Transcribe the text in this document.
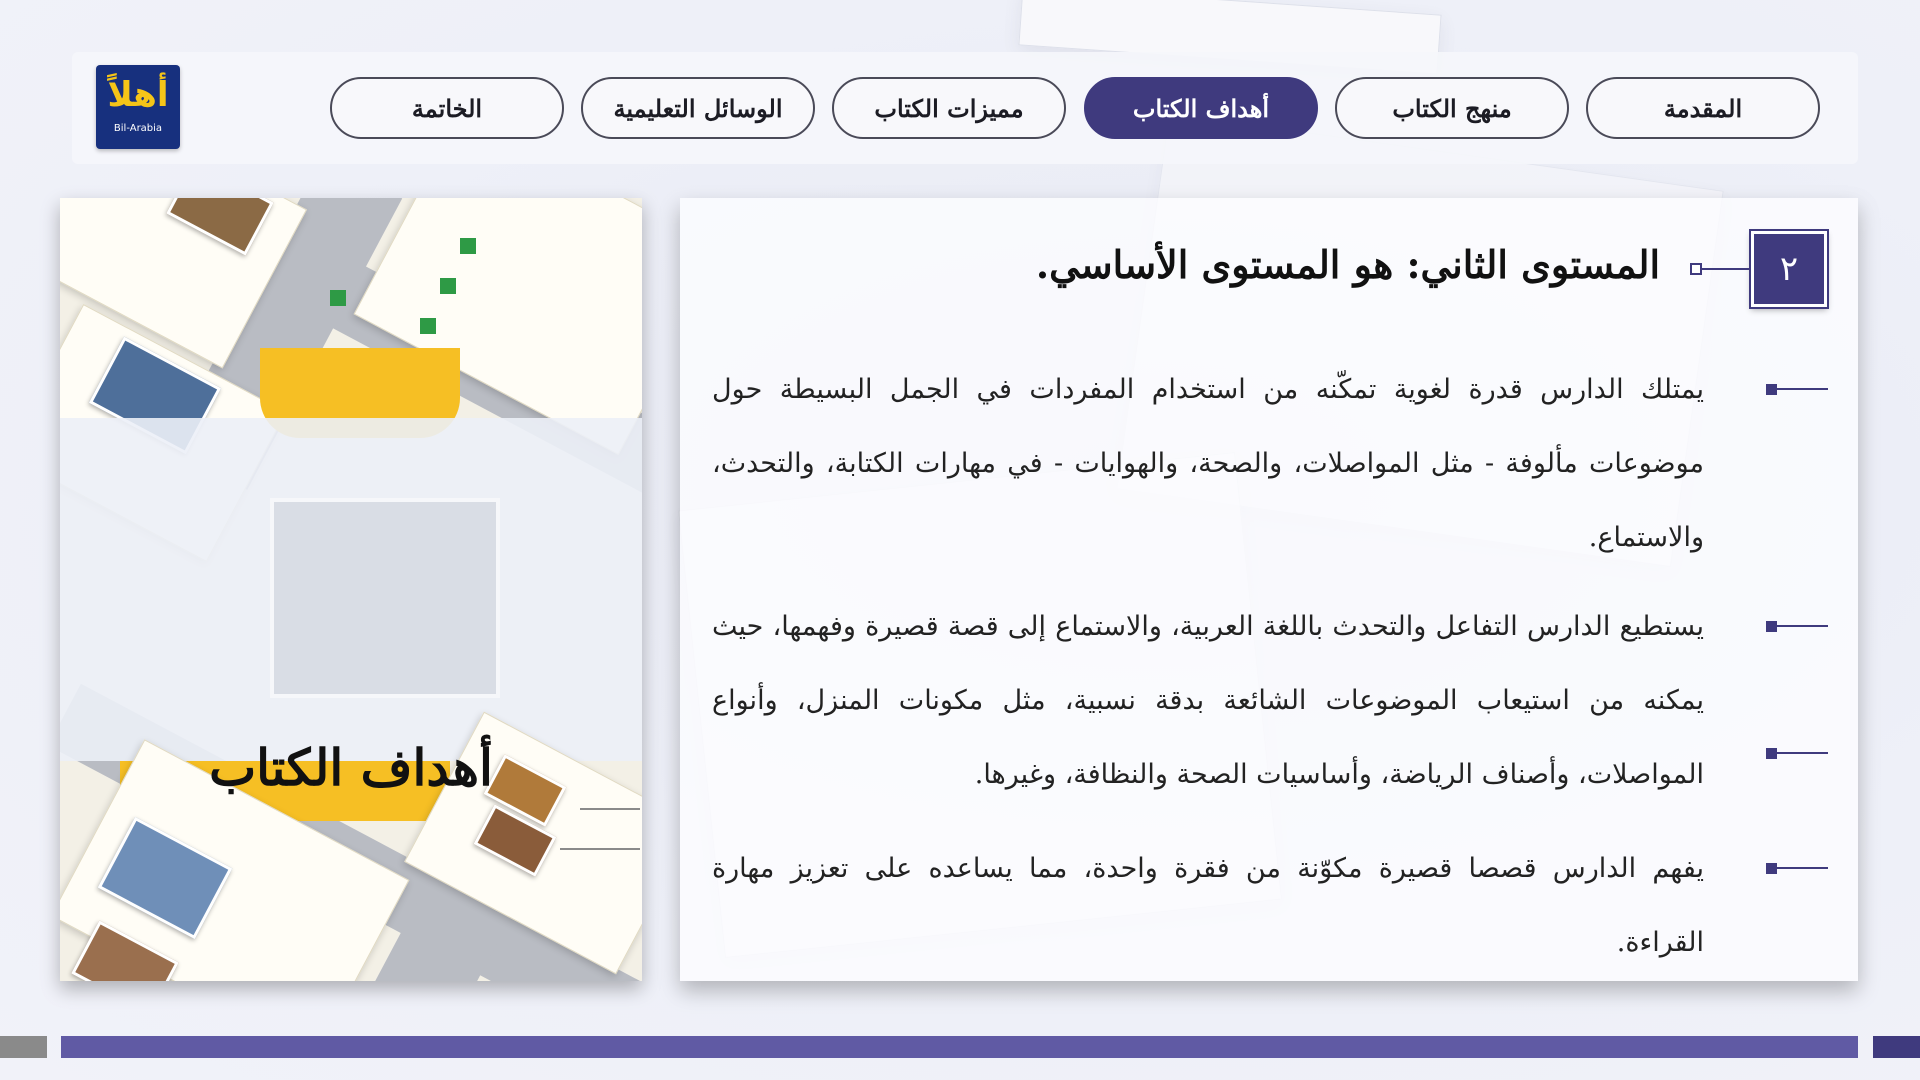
أهلاً
Bil-Arabia
المقدمة
منهج الكتاب
أهداف الكتاب
مميزات الكتاب
الوسائل التعليمية
الخاتمة
أهداف الكتاب
٢
المستوى الثاني: هو المستوى الأساسي.
يمتلك الدارس قدرة لغوية تمكّنه من استخدام المفردات في الجمل البسيطة حول موضوعات مألوفة - مثل المواصلات، والصحة، والهوايات - في مهارات الكتابة، والتحدث، والاستماع.
يستطيع الدارس التفاعل والتحدث باللغة العربية، والاستماع إلى قصة قصيرة وفهمها، حيث يمكنه من استيعاب الموضوعات الشائعة بدقة نسبية، مثل مكونات المنزل، وأنواع المواصلات، وأصناف الرياضة، وأساسيات الصحة والنظافة، وغيرها.
يفهم الدارس قصصا قصيرة مكوّنة من فقرة واحدة، مما يساعده على تعزيز مهارة القراءة.
